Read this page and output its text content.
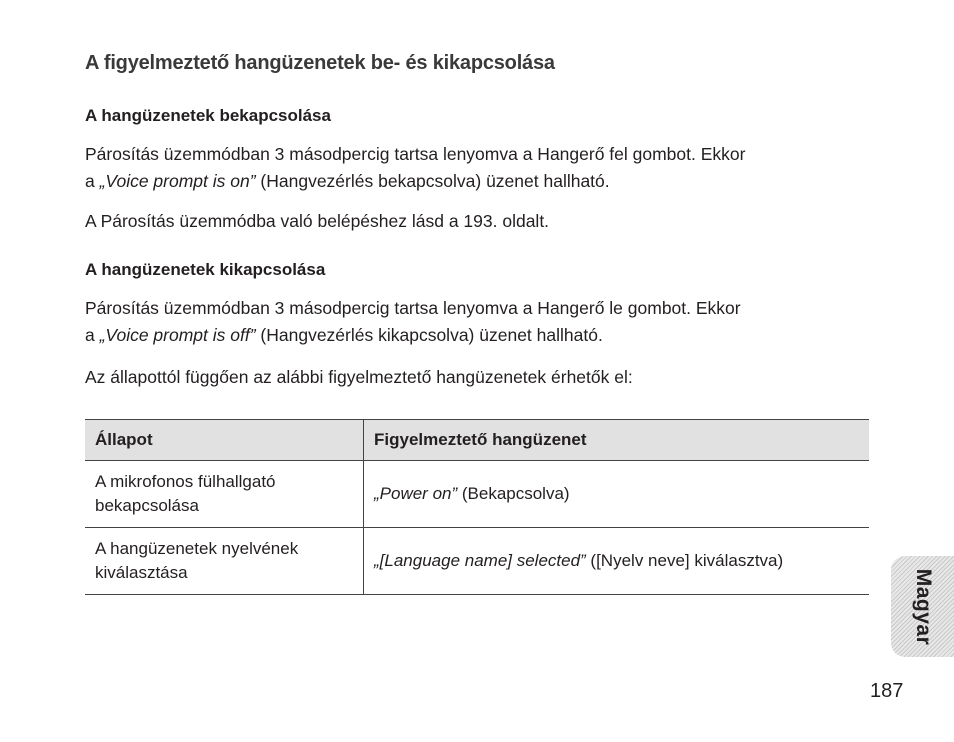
A figyelmeztető hangüzenetek be- és kikapcsolása
A hangüzenetek bekapcsolása

Párosítás üzemmódban 3 másodpercig tartsa lenyomva a Hangerő fel gombot. Ekkor
a „Voice prompt is on” (Hangvezérlés bekapcsolva) üzenet hallható.

A Párosítás üzemmódba való belépéshez lásd a 193. oldalt.

A hangüzenetek kikapcsolása

Párosítás üzemmódban 3 másodpercig tartsa lenyomva a Hangerő le gombot. Ekkor
a „Voice prompt is off” (Hangvezérlés kikapcsolva) üzenet hallható.

Az állapottól függően az alábbi figyelmeztető hangüzenetek érhetők el:

Állapot	Figyelmeztető hangüzenet
A mikrofonos fülhallgató
bekapcsolása	„Power on” (Bekapcsolva)
A hangüzenetek nyelvének
kiválasztása	„[Language name] selected” ([Nyelv neve] kiválasztva)
Magyar
187
